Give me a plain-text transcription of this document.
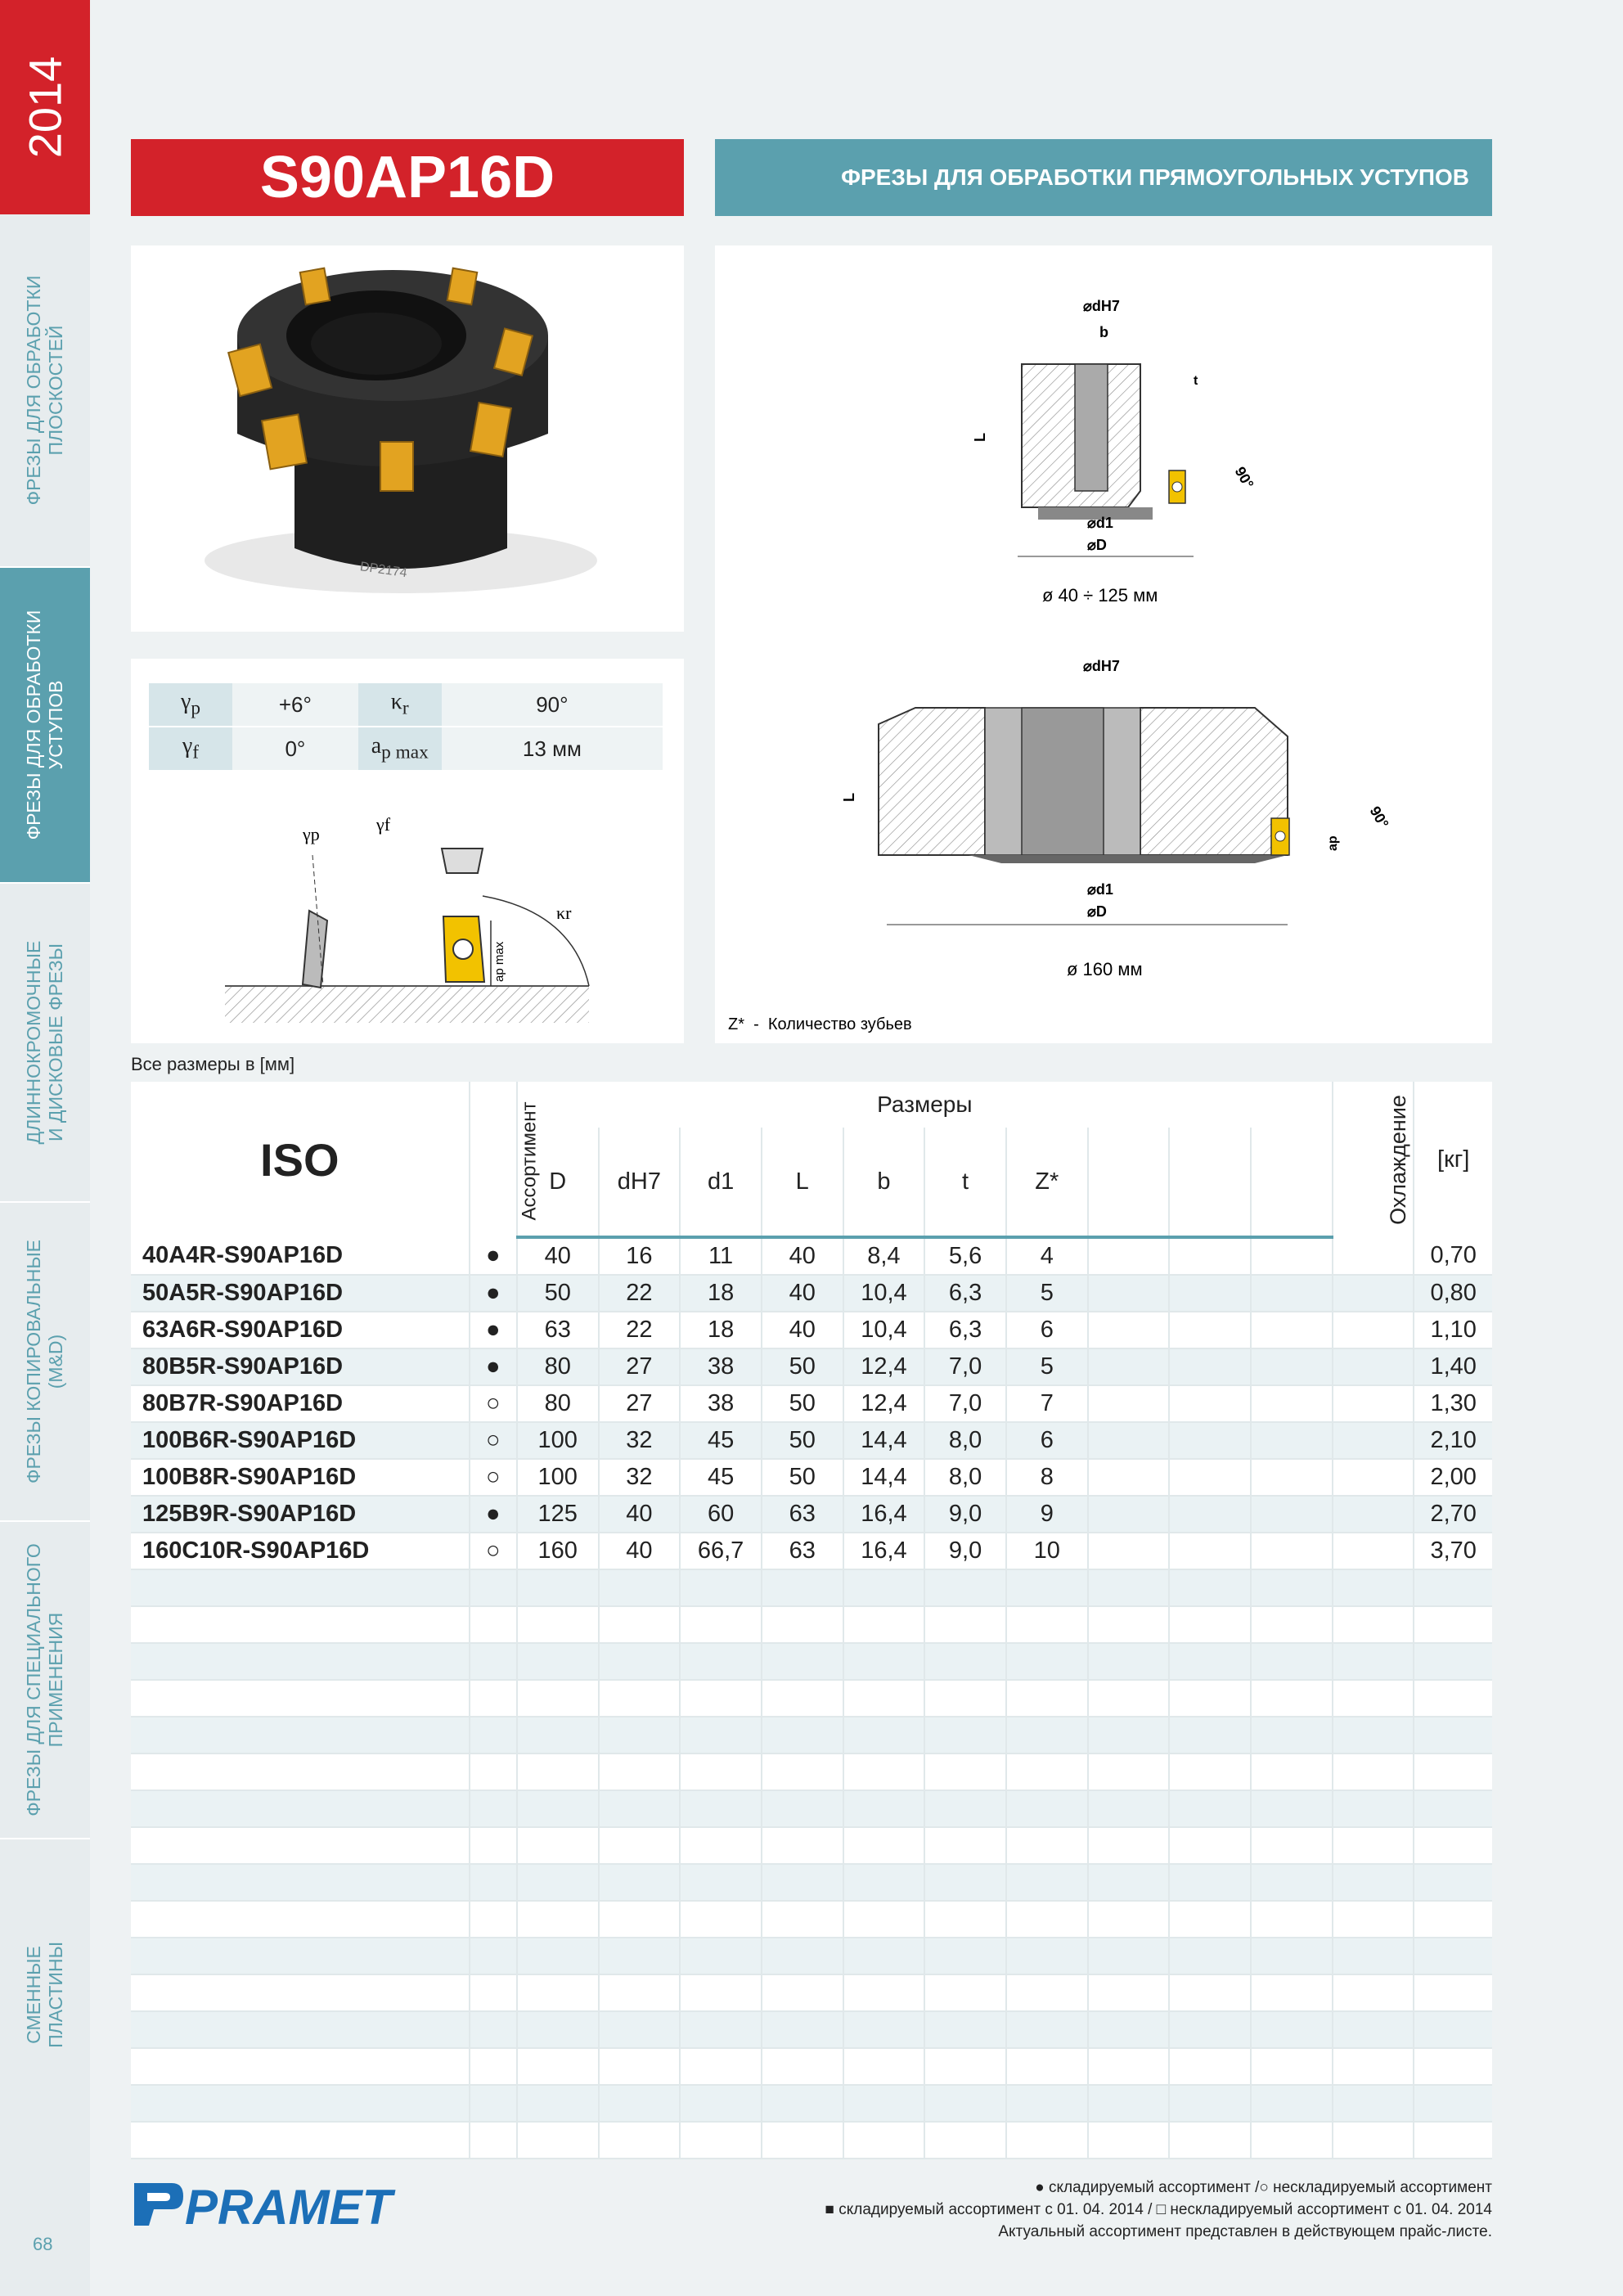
2014
ФРЕЗЫ ДЛЯ ОБРАБОТКИ
ПЛОСКОСТЕЙ
ФРЕЗЫ ДЛЯ ОБРАБОТКИ
УСТУПОВ
ДЛИННОКРОМОЧНЫЕ
И ДИСКОВЫЕ ФРЕЗЫ
ФРЕЗЫ КОПИРОВАЛЬНЫЕ
(M&D)
ФРЕЗЫ ДЛЯ СПЕЦИАЛЬНОГО
ПРИМЕНЕНИЯ
СМЕННЫЕ
ПЛАСТИНЫ
68
S90AP16D	ФРЕЗЫ ДЛЯ ОБРАБОТКИ ПРЯМОУГОЛЬНЫХ УСТУПОВ
DP2174
$\gamma_p$	+6°	$\kappa_r$	90°
$\gamma_f$	0°	$a_{p max}$	13 мм
γp	γf
ap max
κr
⌀dH7
b
t
L
90°
⌀d1
⌀D
ø 40 ÷ 125 мм
⌀dH7
L
90°
ap
⌀d1
⌀D
ø 160 мм
Z*  -  Количество зубьев
Все размеры в [мм]
ISO	Ассортимент	Размеры										Охлаждение	[кг]
		D	dH7	d1	L	b	t	Z*					
40A4R-S90AP16D	●	40	16	11	40	8,4	5,6	4					0,70
50A5R-S90AP16D	●	50	22	18	40	10,4	6,3	5					0,80
63A6R-S90AP16D	●	63	22	18	40	10,4	6,3	6					1,10
80B5R-S90AP16D	●	80	27	38	50	12,4	7,0	5					1,40
80B7R-S90AP16D	○	80	27	38	50	12,4	7,0	7					1,30
100B6R-S90AP16D	○	100	32	45	50	14,4	8,0	6					2,10
100B8R-S90AP16D	○	100	32	45	50	14,4	8,0	8					2,00
125B9R-S90AP16D	●	125	40	60	63	16,4	9,0	9					2,70
160C10R-S90AP16D	○	160	40	66,7	63	16,4	9,0	10					3,70

PRAMET	● складируемый ассортимент /○ нескладируемый ассортимент
■ складируемый ассортимент с 01. 04. 2014 / □ нескладируемый ассортимент с 01. 04. 2014
Актуальный ассортимент представлен в действующем прайс-листе.
